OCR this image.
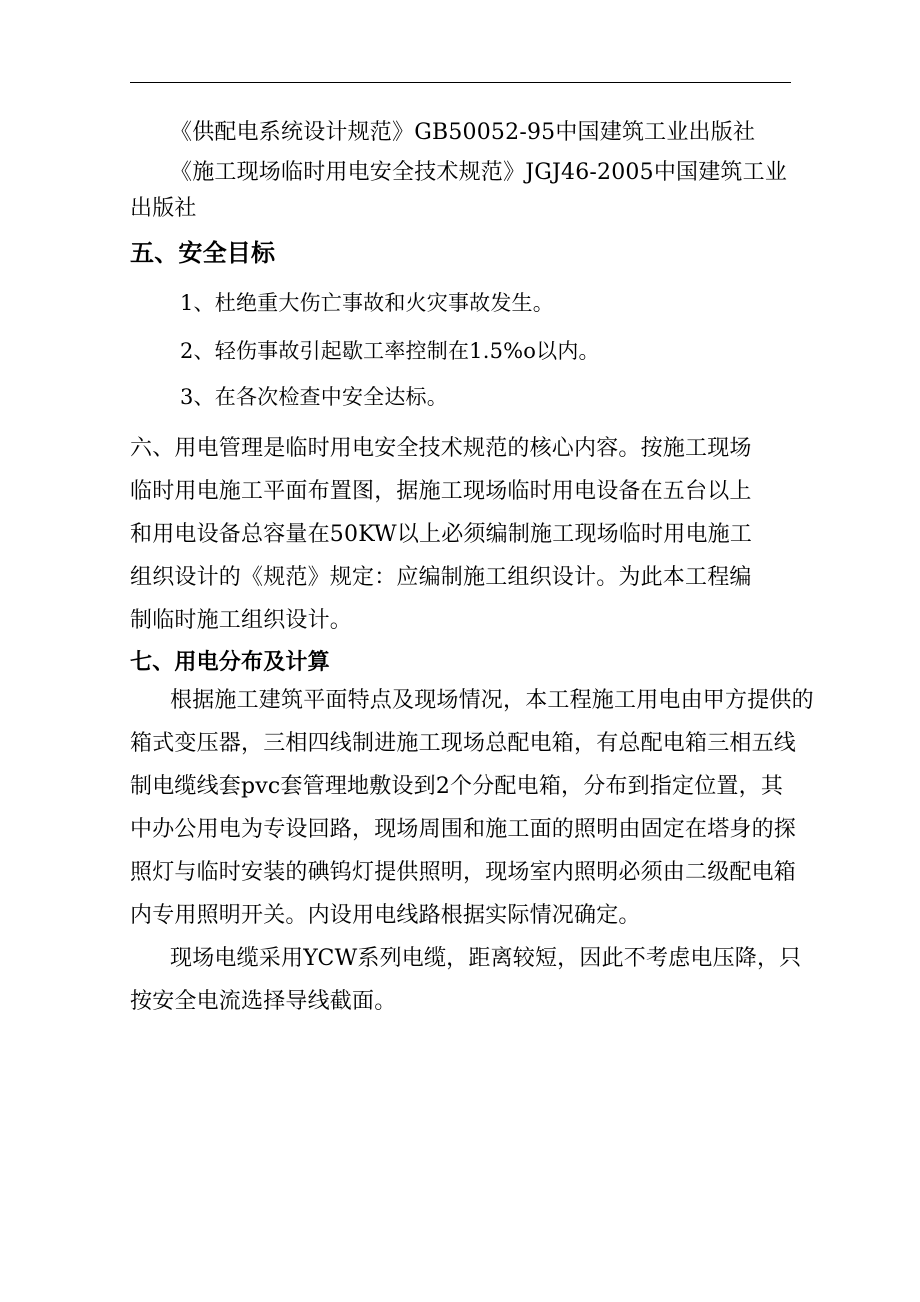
《供配电系统设计规范》GB50052-95中国建筑工业出版社
《施工现场临时用电安全技术规范》JGJ46-2005中国建筑工业
出版社
五、安全目标
1、杜绝重大伤亡事故和火灾事故发生。
2、轻伤事故引起歇工率控制在1.5%o以内。
3、在各次检查中安全达标。
六、用电管理是临时用电安全技术规范的核心内容。按施工现场
临时用电施工平面布置图，据施工现场临时用电设备在五台以上
和用电设备总容量在50KW以上必须编制施工现场临时用电施工
组织设计的《规范》规定：应编制施工组织设计。为此本工程编
制临时施工组织设计。
七、用电分布及计算
根据施工建筑平面特点及现场情况，本工程施工用电由甲方提供的
箱式变压器，三相四线制进施工现场总配电箱，有总配电箱三相五线
制电缆线套pvc套管理地敷设到2个分配电箱，分布到指定位置，其
中办公用电为专设回路，现场周围和施工面的照明由固定在塔身的探
照灯与临时安装的碘钨灯提供照明，现场室内照明必须由二级配电箱
内专用照明开关。内设用电线路根据实际情况确定。
现场电缆采用YCW系列电缆，距离较短，因此不考虑电压降，只
按安全电流选择导线截面。
